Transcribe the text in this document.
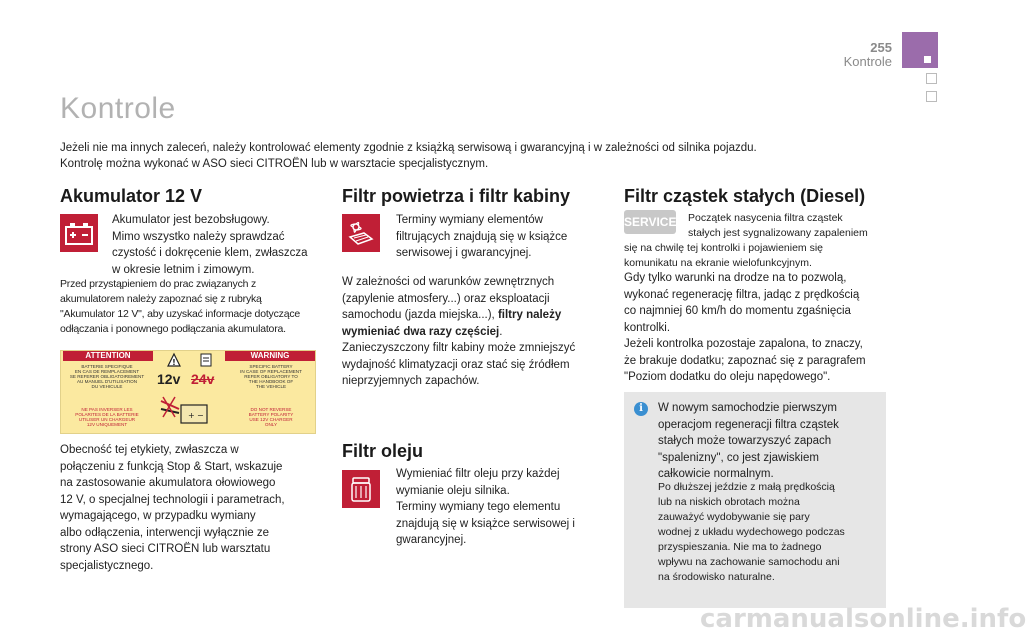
255
Kontrole
Kontrole
Jeżeli nie ma innych zaleceń, należy kontrolować elementy zgodnie z książką serwisową i gwarancyjną i w zależności od silnika pojazdu.
Kontrolę można wykonać w ASO sieci CITROËN lub w warsztacie specjalistycznym.
Akumulator 12 V
Akumulator jest bezobsługowy.
Mimo wszystko należy sprawdzać
czystość i dokręcenie klem, zwłaszcza
w okresie letnim i zimowym.
Przed przystąpieniem do prac związanych z
akumulatorem należy zapoznać się z rubryką
"Akumulator 12 V", aby uzyskać informacje dotyczące
odłączania i ponownego podłączania akumulatora.
ATTENTION	WARNING
BATTERIE SPECIFIQUE
EN CAS DE REMPLACEMENT
SE REFERER OBLIGATOIREMENT
AU MANUEL D'UTILISATION
DU VEHICULE
SPECIFIC BATTERY
IN CASE OF REPLACEMENT
REFER OBLIGATORY TO
THE HANDBOOK OF
THE VEHICLE
NE PAS INVERSER LES
POLARITES DE LA BATTERIE
UTILISER UN CHARGEUR
12V UNIQUEMENT
DO NOT REVERSE
BATTERY POLARITY
USE 12V CHARGER
ONLY
!
12v 24v
+ −
Obecność tej etykiety, zwłaszcza w
połączeniu z funkcją Stop & Start, wskazuje
na zastosowanie akumulatora ołowiowego
12 V, o specjalnej technologii i parametrach,
wymagającego, w przypadku wymiany
albo odłączenia, interwencji wyłącznie ze
strony ASO sieci CITROËN lub warsztatu
specjalistycznego.
Filtr powietrza i filtr kabiny
Terminy wymiany elementów
filtrujących znajdują się w książce
serwisowej i gwarancyjnej.
W zależności od warunków zewnętrznych
(zapylenie atmosfery...) oraz eksploatacji
samochodu (jazda miejska...), filtry należy
wymieniać dwa razy częściej.
Zanieczyszczony filtr kabiny może zmniejszyć
wydajność klimatyzacji oraz stać się źródłem
nieprzyjemnych zapachów.
Filtr oleju
Wymieniać filtr oleju przy każdej
wymianie oleju silnika.
Terminy wymiany tego elementu
znajdują się w książce serwisowej i
gwarancyjnej.
Filtr cząstek stałych (Diesel)
SERVICE Początek nasycenia filtra cząstek
stałych jest sygnalizowany zapaleniem
się na chwilę tej kontrolki i pojawieniem się
komunikatu na ekranie wielofunkcyjnym.
Gdy tylko warunki na drodze na to pozwolą,
wykonać regenerację filtra, jadąc z prędkością
co najmniej 60 km/h do momentu zgaśnięcia
kontrolki.
Jeżeli kontrolka pozostaje zapalona, to znaczy,
że brakuje dodatku; zapoznać się z paragrafem
"Poziom dodatku do oleju napędowego".
i	W nowym samochodzie pierwszym
operacjom regeneracji filtra cząstek
stałych może towarzyszyć zapach
"spalenizny", co jest zjawiskiem
całkowicie normalnym.
Po dłuższej jeździe z małą prędkością
lub na niskich obrotach można
zauważyć wydobywanie się pary
wodnej z układu wydechowego podczas
przyspieszania. Nie ma to żadnego
wpływu na zachowanie samochodu ani
na środowisko naturalne.
carmanualsonline.info
